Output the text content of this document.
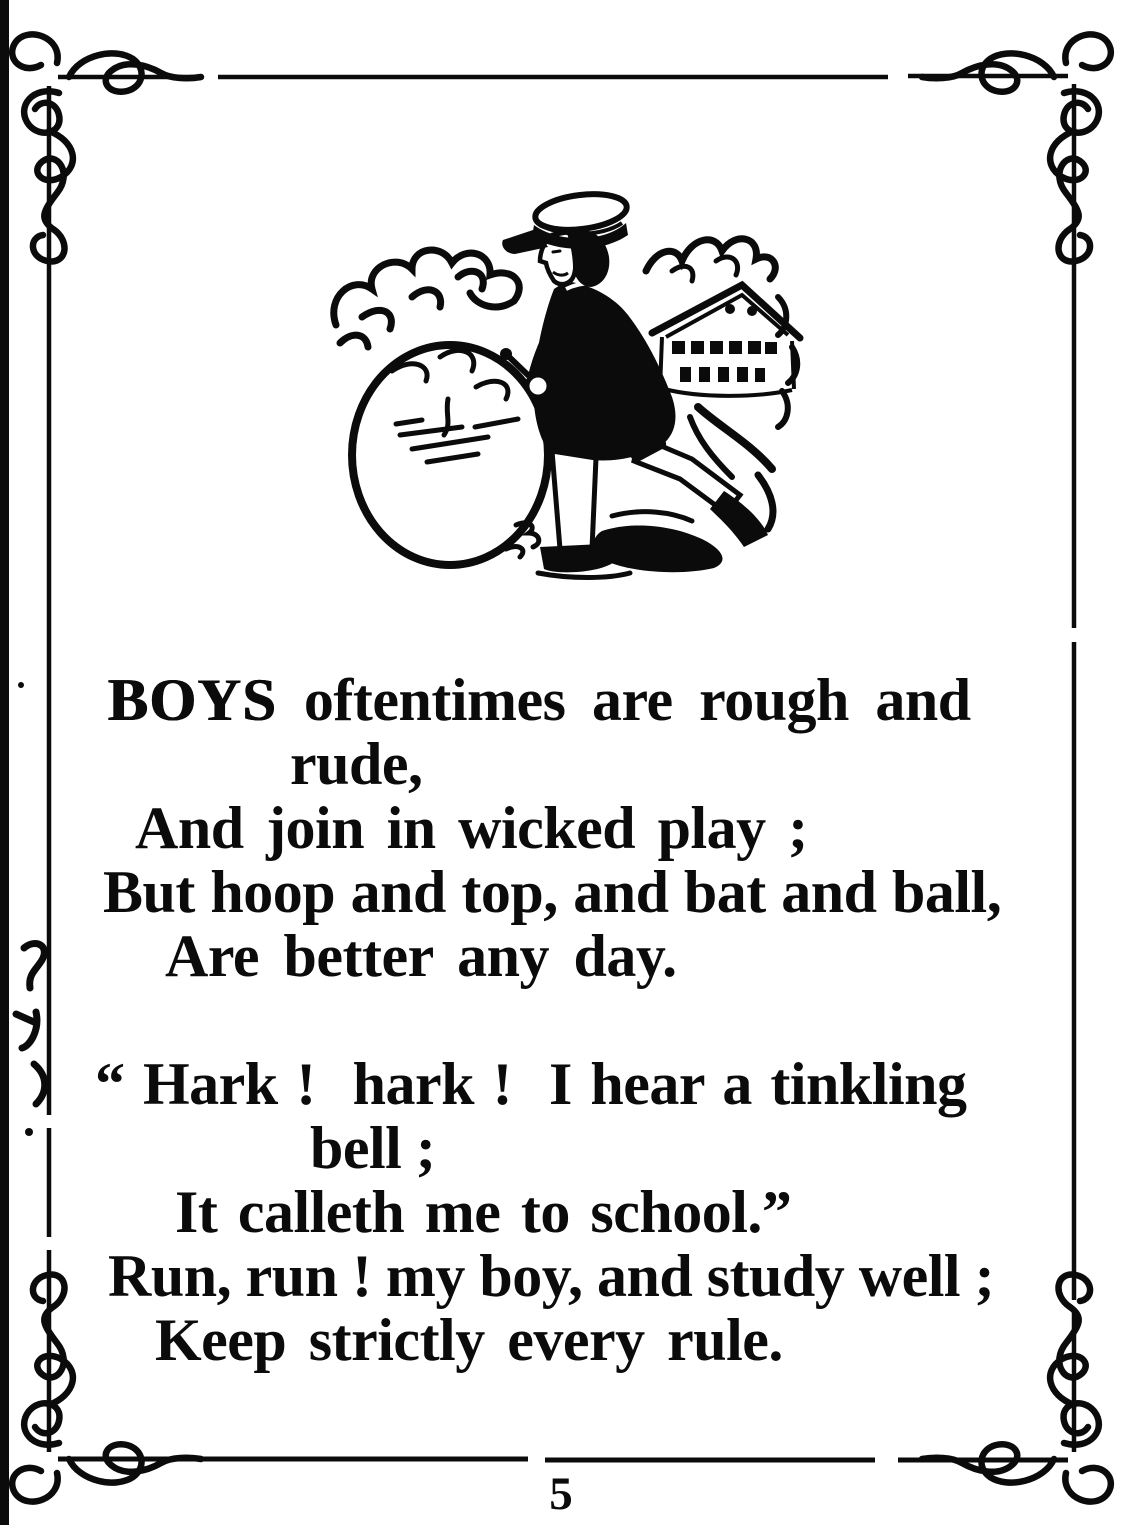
BOYS oftentimes are rough and
rude,
And join in wicked play ;
But hoop and top, and bat and ball,
Are better any day.
“ Hark !  hark !  I hear a tinkling
bell ;
It calleth me to school.”
Run, run ! my boy, and study well ;
Keep strictly every rule.
5
